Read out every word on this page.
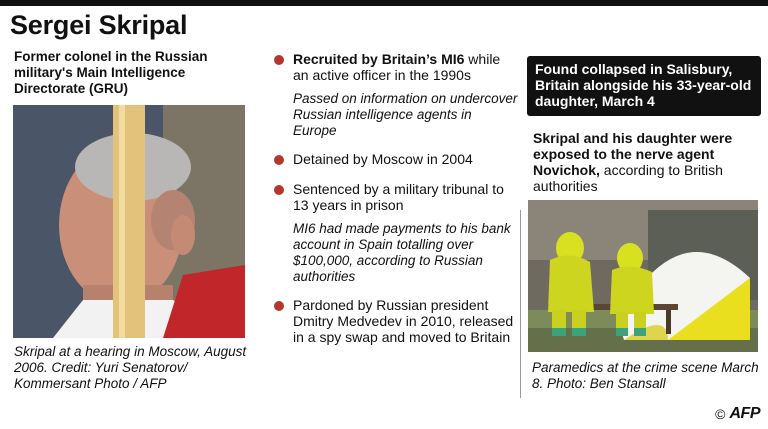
Sergei Skripal
Former colonel in the Russian military's Main Intelligence Directorate (GRU)
Skripal at a hearing in Moscow, August 2006. Credit: Yuri Senatorov/ Kommersant Photo / AFP
Recruited by Britain’s MI6 while an active officer in the 1990s
Passed on information on undercover Russian intelligence agents in Europe
Detained by Moscow in 2004
Sentenced by a military tribunal to 13 years in prison
MI6 had made payments to his bank account in Spain totalling over $100,000, according to Russian authorities
Pardoned by Russian president Dmitry Medvedev in 2010, released in a spy swap and moved to Britain
Found collapsed in Salisbury, Britain alongside his 33-year-old daughter, March 4
Skripal and his daughter were exposed to the nerve agent Novichok, according to British authorities
Paramedics at the crime scene March 8. Photo: Ben Stansall
© AFP
